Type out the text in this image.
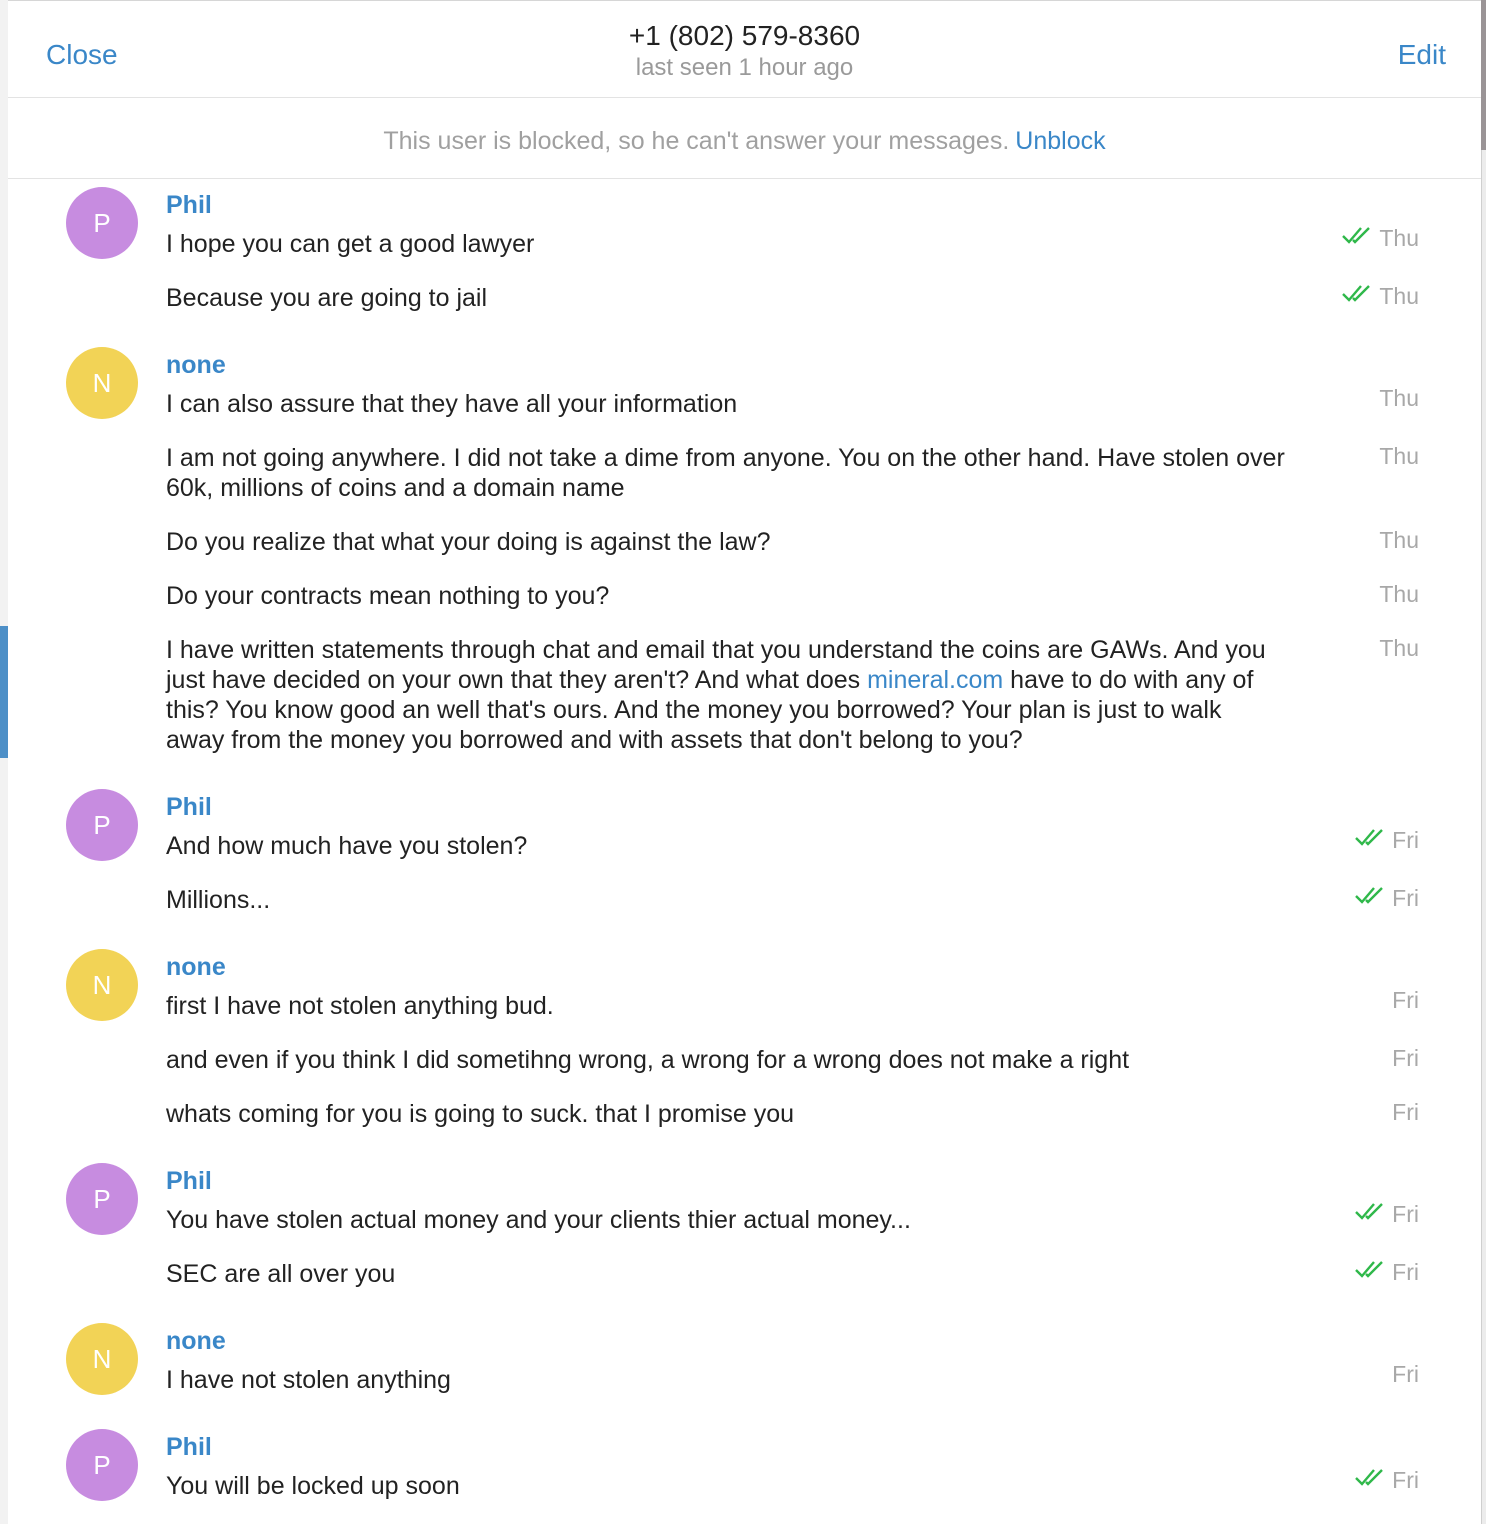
Close
+1 (802) 579-8360
last seen 1 hour ago	Edit
This user is blocked, so he can't answer your messages. Unblock
P
Phil
I hope you can get a good lawyer	Thu
Because you are going to jail	Thu
N
none
I can also assure that they have all your information	Thu
I am not going anywhere. I did not take a dime from anyone. You on the other hand. Have stolen over 60k, millions of coins and a domain name
Thu
Do you realize that what your doing is against the law?	Thu
Do your contracts mean nothing to you?	Thu
I have written statements through chat and email that you understand the coins are GAWs. And you just have decided on your own that they aren't? And what does mineral.com have to do with any of this? You know good an well that's ours. And the money you borrowed? Your plan is just to walk away from the money you borrowed and with assets that don't belong to you?
Thu
P
Phil
And how much have you stolen?	Fri
Millions...	Fri
N
none
first I have not stolen anything bud.	Fri
and even if you think I did sometihng wrong, a wrong for a wrong does not make a right	Fri
whats coming for you is going to suck. that I promise you	Fri
P
Phil
You have stolen actual money and your clients thier actual money...	Fri
SEC are all over you	Fri
N
none
I have not stolen anything	Fri
P
Phil
You will be locked up soon	Fri
